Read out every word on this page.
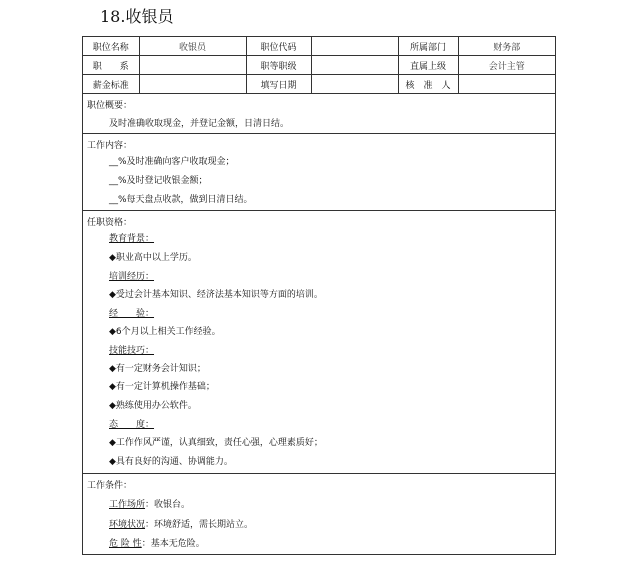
18.收银员
职位名称	收银员	职位代码		所属部门	财务部
职　　系		职等职级		直属上级	会计主管
薪金标准		填写日期		核　准　人	
职位概要：
及时准确收取现金，并登记金额，日清日结。
工作内容：
__%及时准确向客户收取现金；
__%及时登记收银金额；
__%每天盘点收款，做到日清日结。
任职资格：
教育背景：
◆职业高中以上学历。
培训经历：
◆受过会计基本知识、经济法基本知识等方面的培训。
经　　验：
◆6个月以上相关工作经验。
技能技巧：
◆有一定财务会计知识；
◆有一定计算机操作基础；
◆熟练使用办公软件。
态　　度：
◆工作作风严谨，认真细致，责任心强，心理素质好；
◆具有良好的沟通、协调能力。
工作条件：
工作场所：收银台。
环境状况：环境舒适，需长期站立。
危 险 性：基本无危险。
